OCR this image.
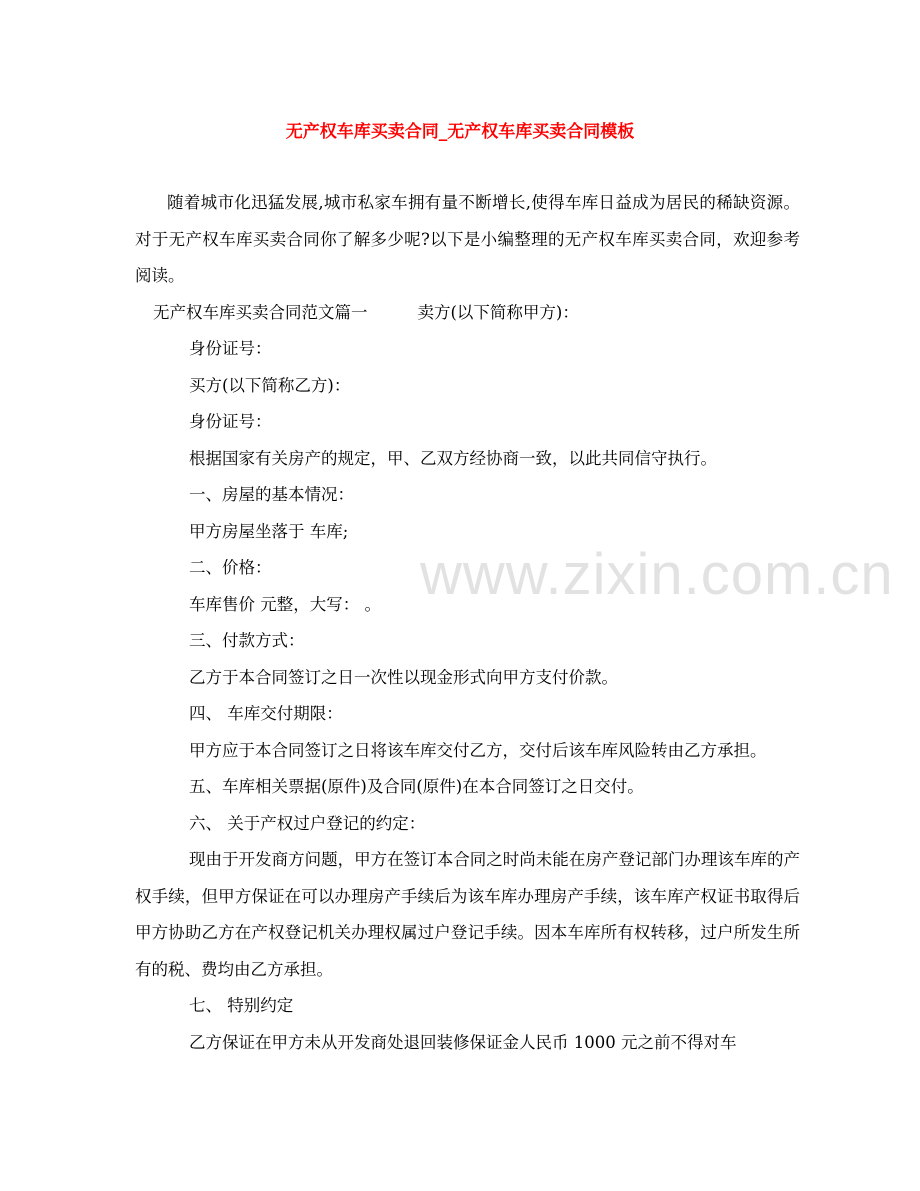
无产权车库买卖合同_无产权车库买卖合同模板
www.zixin.com.cn

随着城市化迅猛发展,城市私家车拥有量不断增长,使得车库日益成为居民的稀缺资源。对于无产权车库买卖合同你了解多少呢?以下是小编整理的无产权车库买卖合同，欢迎参考阅读。

无产权车库买卖合同范文篇一	卖方(以下简称甲方)：

身份证号：

买方(以下简称乙方)：

身份证号：

根据国家有关房产的规定，甲、乙双方经协商一致，以此共同信守执行。

一、房屋的基本情况：

甲方房屋坐落于 车库;

二、价格：

车库售价 元整，大写： 。

三、付款方式：

乙方于本合同签订之日一次性以现金形式向甲方支付价款。

四、 车库交付期限：

甲方应于本合同签订之日将该车库交付乙方，交付后该车库风险转由乙方承担。

五、车库相关票据(原件)及合同(原件)在本合同签订之日交付。

六、 关于产权过户登记的约定：

现由于开发商方问题，甲方在签订本合同之时尚未能在房产登记部门办理该车库的产权手续，但甲方保证在可以办理房产手续后为该车库办理房产手续，该车库产权证书取得后甲方协助乙方在产权登记机关办理权属过户登记手续。因本车库所有权转移，过户所发生所有的税、费均由乙方承担。

七、 特别约定

乙方保证在甲方未从开发商处退回装修保证金人民币 1000 元之前不得对车
